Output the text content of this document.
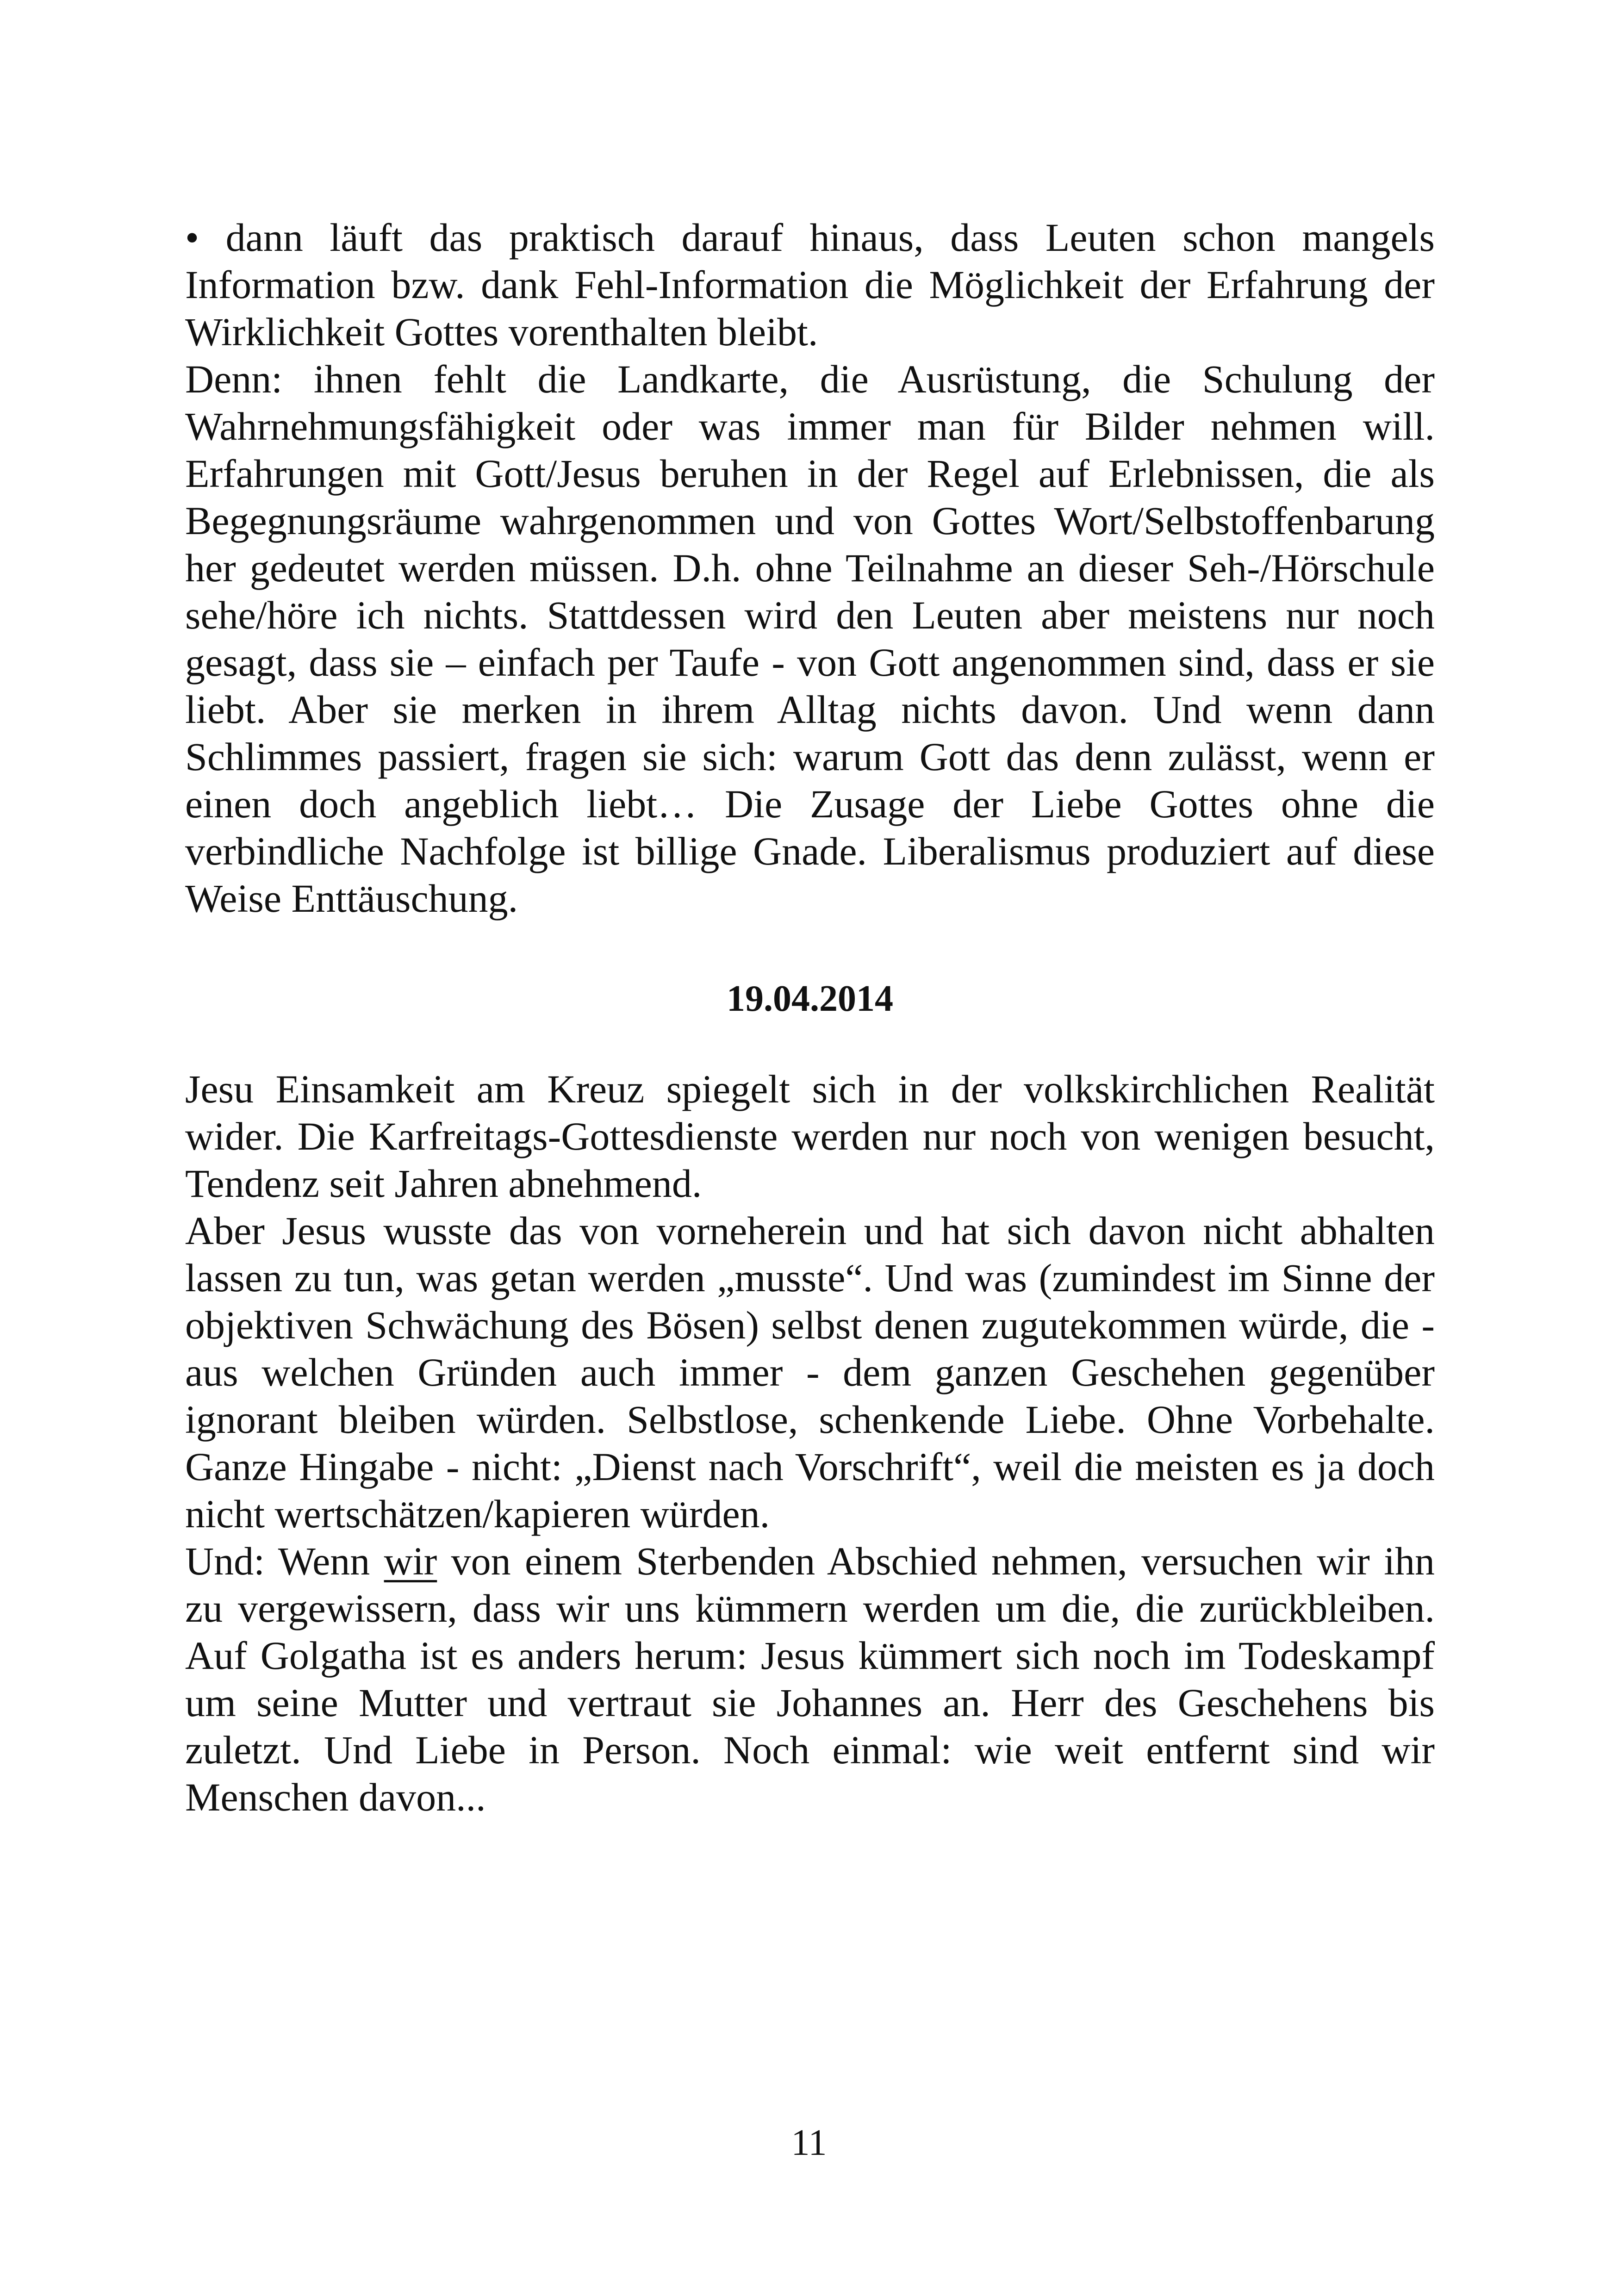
• dann läuft das praktisch darauf hinaus, dass Leuten schon mangels Information bzw. dank Fehl-Information die Möglichkeit der Erfahrung der Wirklichkeit Gottes vorenthalten bleibt.

Denn: ihnen fehlt die Landkarte, die Ausrüstung, die Schulung der Wahrnehmungsfähigkeit oder was immer man für Bilder nehmen will. Erfahrungen mit Gott/Jesus beruhen in der Regel auf Erlebnissen, die als Begegnungsräume wahrgenommen und von Gottes Wort/Selbstoffenbarung her gedeutet werden müssen. D.h. ohne Teilnahme an dieser Seh-/Hörschule sehe/höre ich nichts. Stattdessen wird den Leuten aber meistens nur noch gesagt, dass sie – einfach per Taufe - von Gott angenommen sind, dass er sie liebt. Aber sie merken in ihrem Alltag nichts davon. Und wenn dann Schlimmes passiert, fragen sie sich: warum Gott das denn zulässt, wenn er einen doch angeblich liebt… Die Zusage der Liebe Gottes ohne die verbindliche Nachfolge ist billige Gnade. Liberalismus produziert auf diese Weise Enttäuschung.

19.04.2014

Jesu Einsamkeit am Kreuz spiegelt sich in der volkskirchlichen Realität wider. Die Karfreitags-Gottesdienste werden nur noch von wenigen besucht, Tendenz seit Jahren abnehmend.

Aber Jesus wusste das von vorneherein und hat sich davon nicht abhalten lassen zu tun, was getan werden „musste“. Und was (zumindest im Sinne der objektiven Schwächung des Bösen) selbst denen zugutekommen würde, die - aus welchen Gründen auch immer - dem ganzen Geschehen gegenüber ignorant bleiben würden. Selbstlose, schenkende Liebe. Ohne Vorbehalte. Ganze Hingabe - nicht: „Dienst nach Vorschrift“, weil die meisten es ja doch nicht wertschätzen/kapieren würden.

Und: Wenn wir von einem Sterbenden Abschied nehmen, versuchen wir ihn zu vergewissern, dass wir uns kümmern werden um die, die zurückbleiben. Auf Golgatha ist es anders herum: Jesus kümmert sich noch im Todeskampf um seine Mutter und vertraut sie Johannes an. Herr des Geschehens bis zuletzt. Und Liebe in Person. Noch einmal: wie weit entfernt sind wir Menschen davon...

11
